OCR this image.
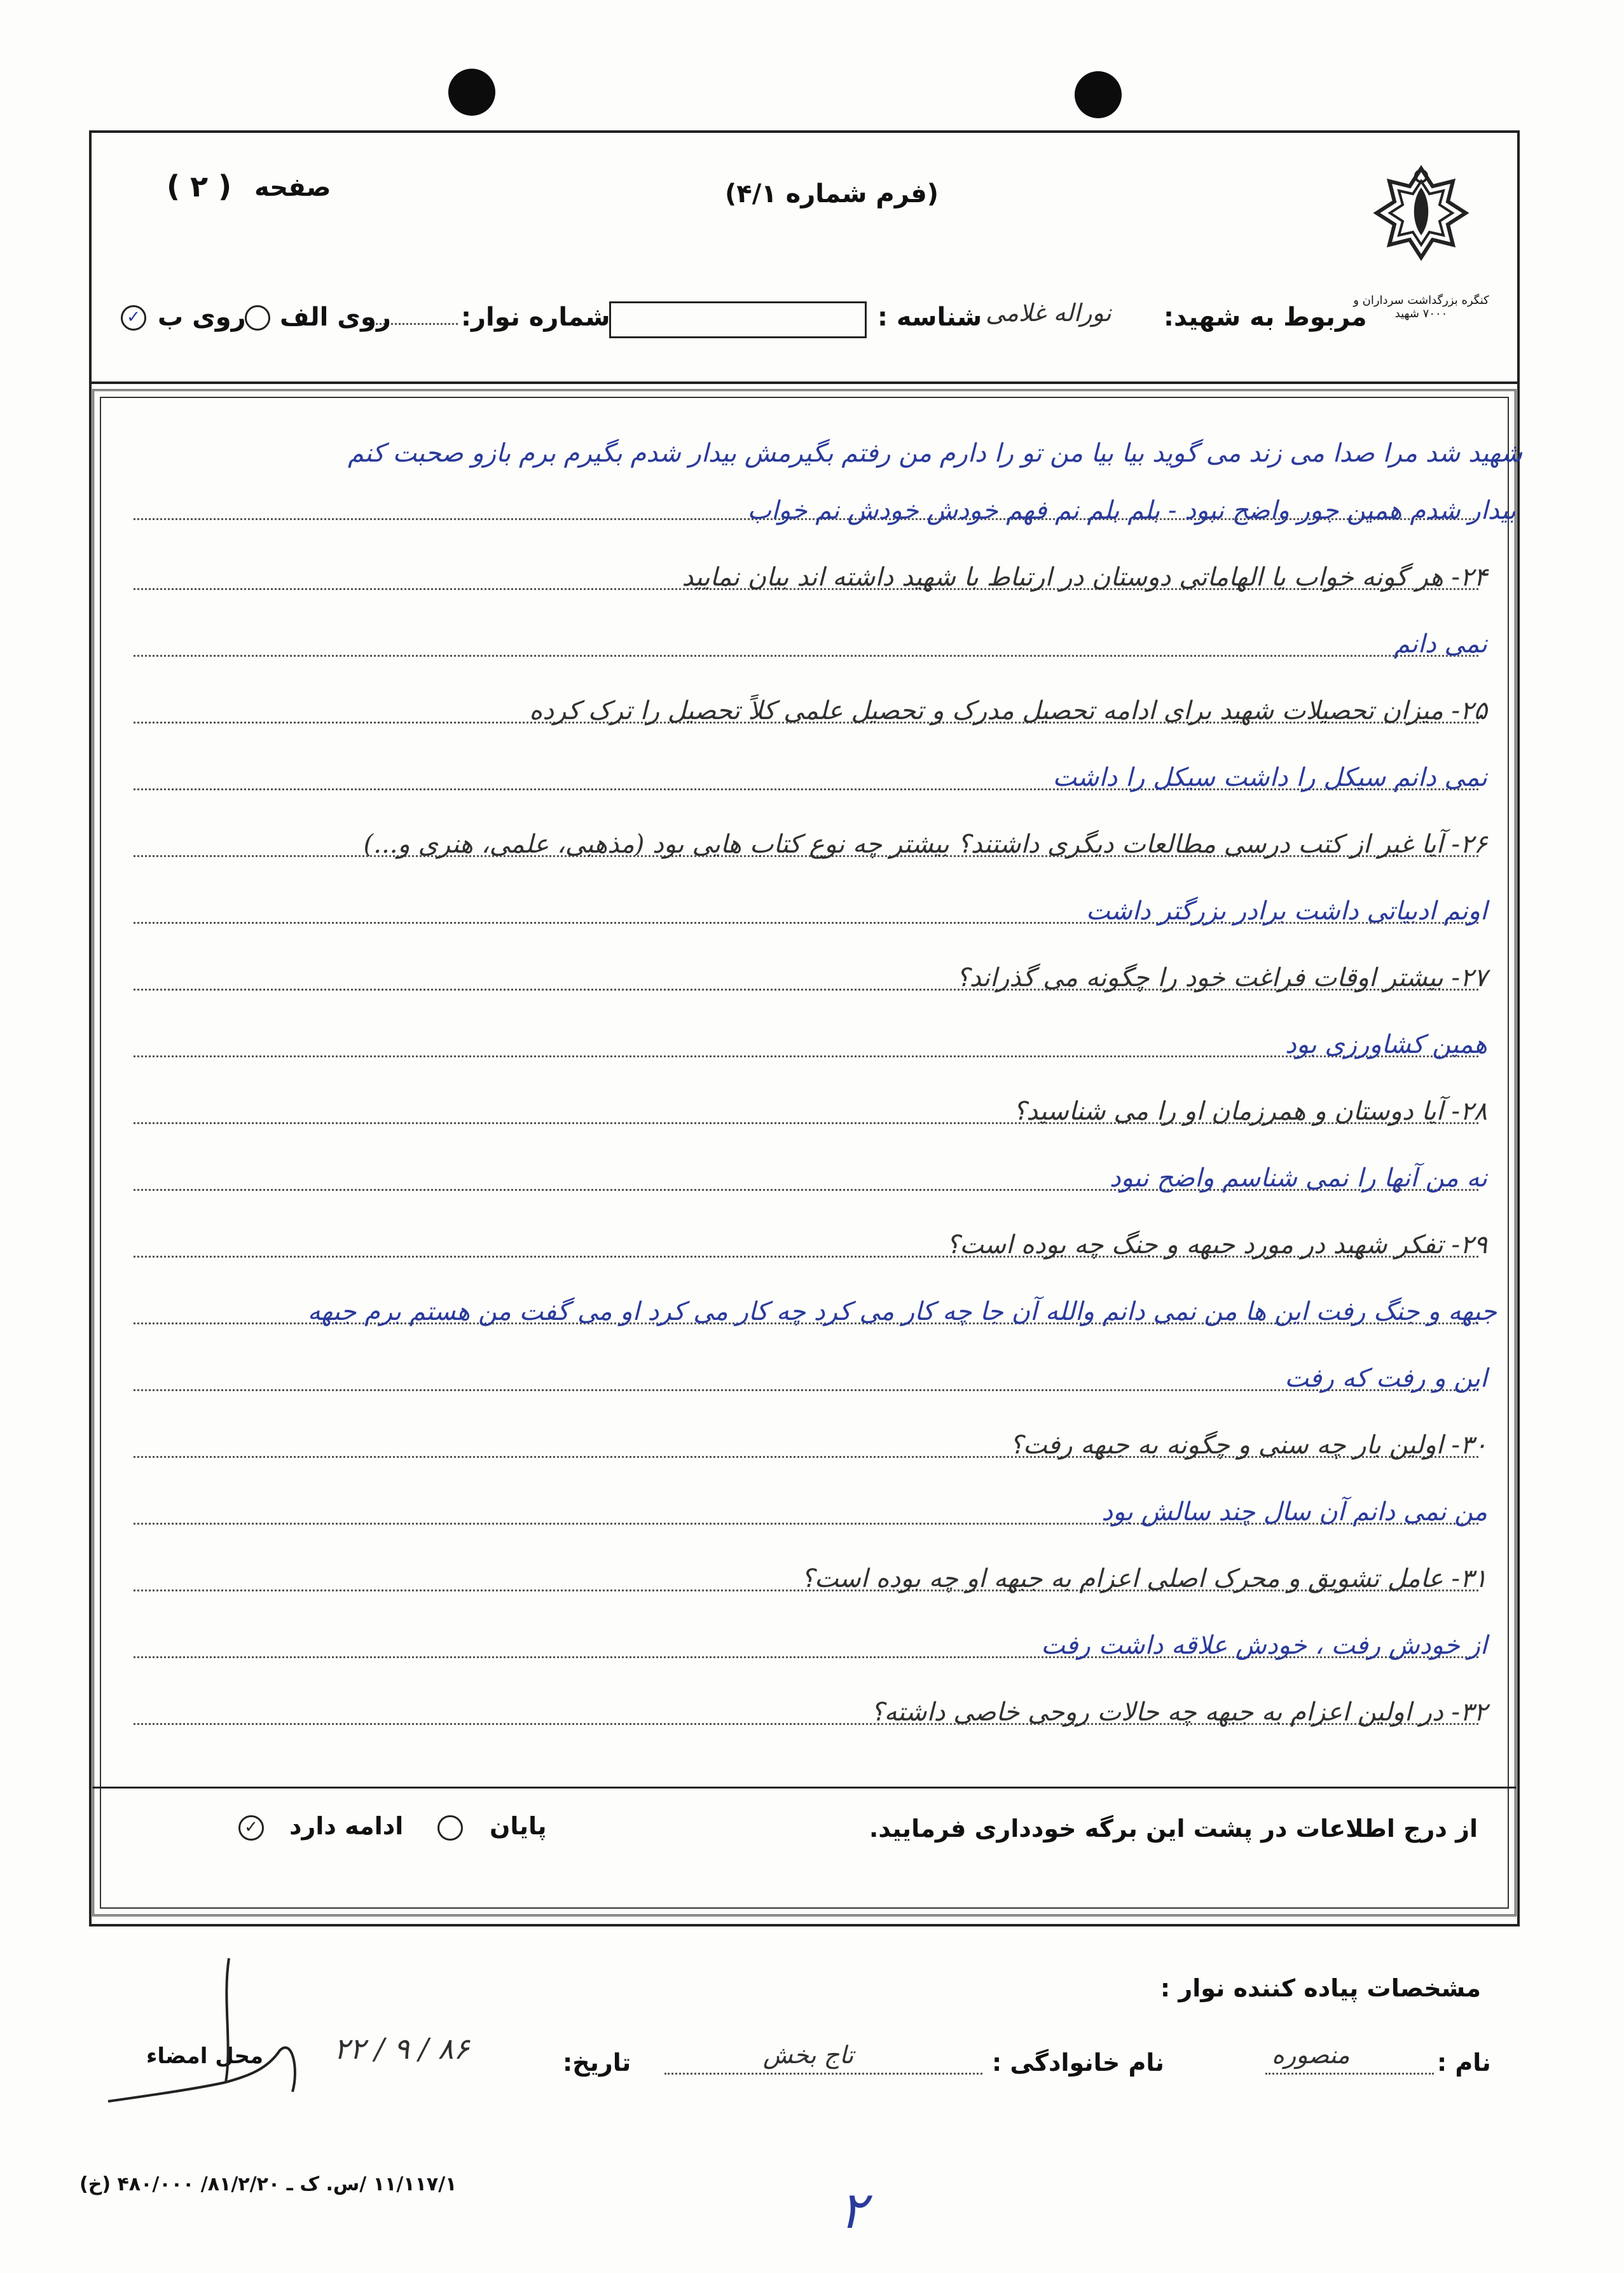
کنگره بزرگداشت سرداران و ۷۰۰۰ شهید
(فرم شماره ۴/۱)
صفحه
( ۲ )
مربوط به شهید:
نوراله غلامی
شناسه :
شماره نوار:
روی الف
روی ب
✓
شهید شد مرا صدا می زند می گوید بیا بیا من تو را دارم من رفتم بگیرمش بیدار شدم بگیرم برم بازو صحبت کنم
بیدار شدم همین جور واضح نبود - بلم بلم نم فهم خودش خودش نم خواب
۲۴- هر گونه خواب یا الهاماتی دوستان در ارتباط با شهید داشته اند بیان نمایید
نمی دانم
۲۵- میزان تحصیلات شهید برای ادامه تحصیل مدرک و تحصیل علمی کلاً تحصیل را ترک کرده
نمی دانم سیکل را داشت سیکل را داشت
۲۶- آیا غیر از کتب درسی مطالعات دیگری داشتند؟ بیشتر چه نوع کتاب هایی بود (مذهبی، علمی، هنری و...)
اونم ادبیاتی داشت برادر بزرگتر داشت
۲۷- بیشتر اوقات فراغت خود را چگونه می گذراند؟
همین کشاورزی بود
۲۸- آیا دوستان و همرزمان او را می شناسید؟
نه من آنها را نمی شناسم واضح نبود
۲۹- تفکر شهید در مورد جبهه و جنگ چه بوده است؟
جبهه و جنگ رفت این ها من نمی دانم والله آن جا چه کار می کرد چه کار می کرد او می گفت من هستم برم جبهه
این و رفت که رفت
۳۰- اولین بار چه سنی و چگونه به جبهه رفت؟
من نمی دانم آن سال چند سالش بود
۳۱- عامل تشویق و محرک اصلی اعزام به جبهه او چه بوده است؟
از خودش رفت ، خودش علاقه داشت رفت
۳۲- در اولین اعزام به جبهه چه حالات روحی خاصی داشته؟
از درج اطلاعات در پشت این برگه خودداری فرمایید.
پایان
ادامه دارد
✓
مشخصات پیاده کننده نوار :
نام :
منصوره
نام خانوادگی :
تاج بخش
تاریخ:
۸۶ / ۹ / ۲۲
محل امضاء
۱۱/۱۱۷/۱ /س. ک ـ ۸۱/۲/۲۰/ ۴۸۰/۰۰۰ (خ)	۲
